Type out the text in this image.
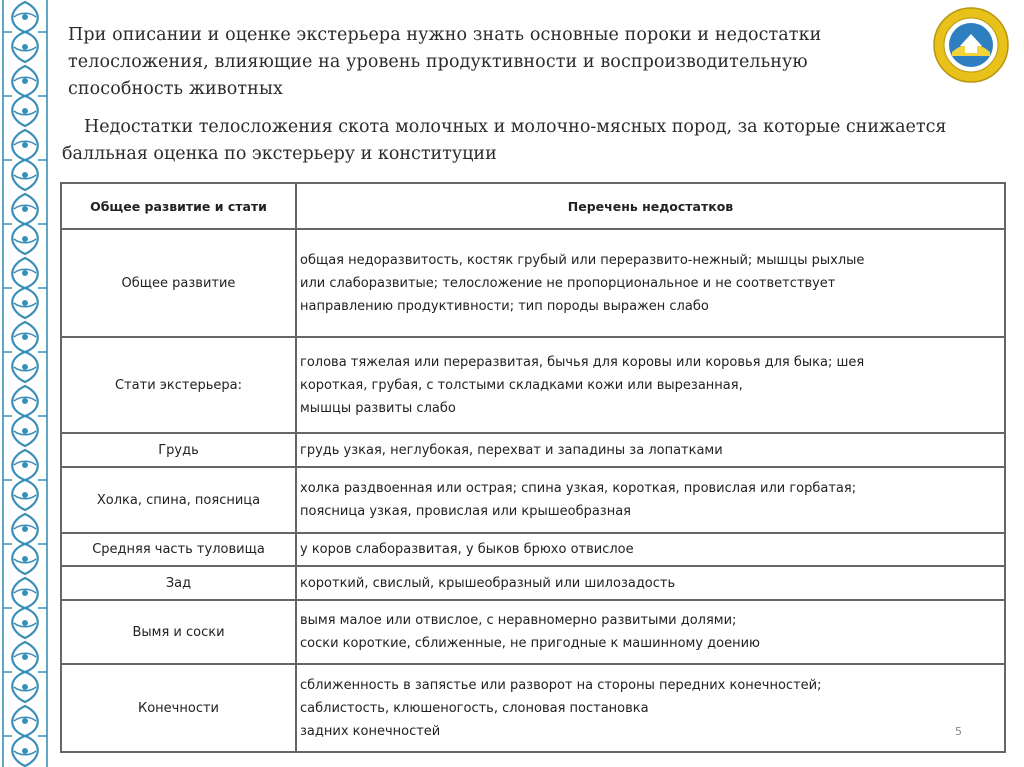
При описании и оценке экстерьера нужно знать основные пороки и недостатки телосложения, влияющие на уровень продуктивности и воспроизводительную способность животных
Недостатки телосложения скота молочных и молочно-мясных пород, за которые снижается балльная оценка по экстерьеру и конституции
Общее развитие и стати	Перечень недостатков
Общее развитие	общая недоразвитость, костяк грубый или переразвито-нежный; мышцы рыхлые
или слаборазвитые; телосложение не пропорциональное и не соответствует
направлению продуктивности; тип породы выражен слабо

Стати экстерьера:	голова тяжелая или переразвитая, бычья для коровы или коровья для быка; шея
короткая, грубая, с толстыми складками кожи или вырезанная,
мышцы развиты слабо

Грудь	грудь узкая, неглубокая, перехват и западины за лопатками

Холка, спина, поясница	холка раздвоенная или острая; спина узкая, короткая, провислая или горбатая;
поясница узкая, провислая или крышеобразная

Средняя часть туловища	у коров слаборазвитая, у быков брюхо отвислое

Зад	короткий, свислый, крышеобразный или шилозадость

Вымя и соски	вымя малое или отвислое, с неравномерно развитыми долями;
соски короткие, сближенные, не пригодные к машинному доению

Конечности	сближенность в запястье или разворот на стороны передних конечностей;
саблистость, клюшеногость, слоновая постановка
задних конечностей	5
